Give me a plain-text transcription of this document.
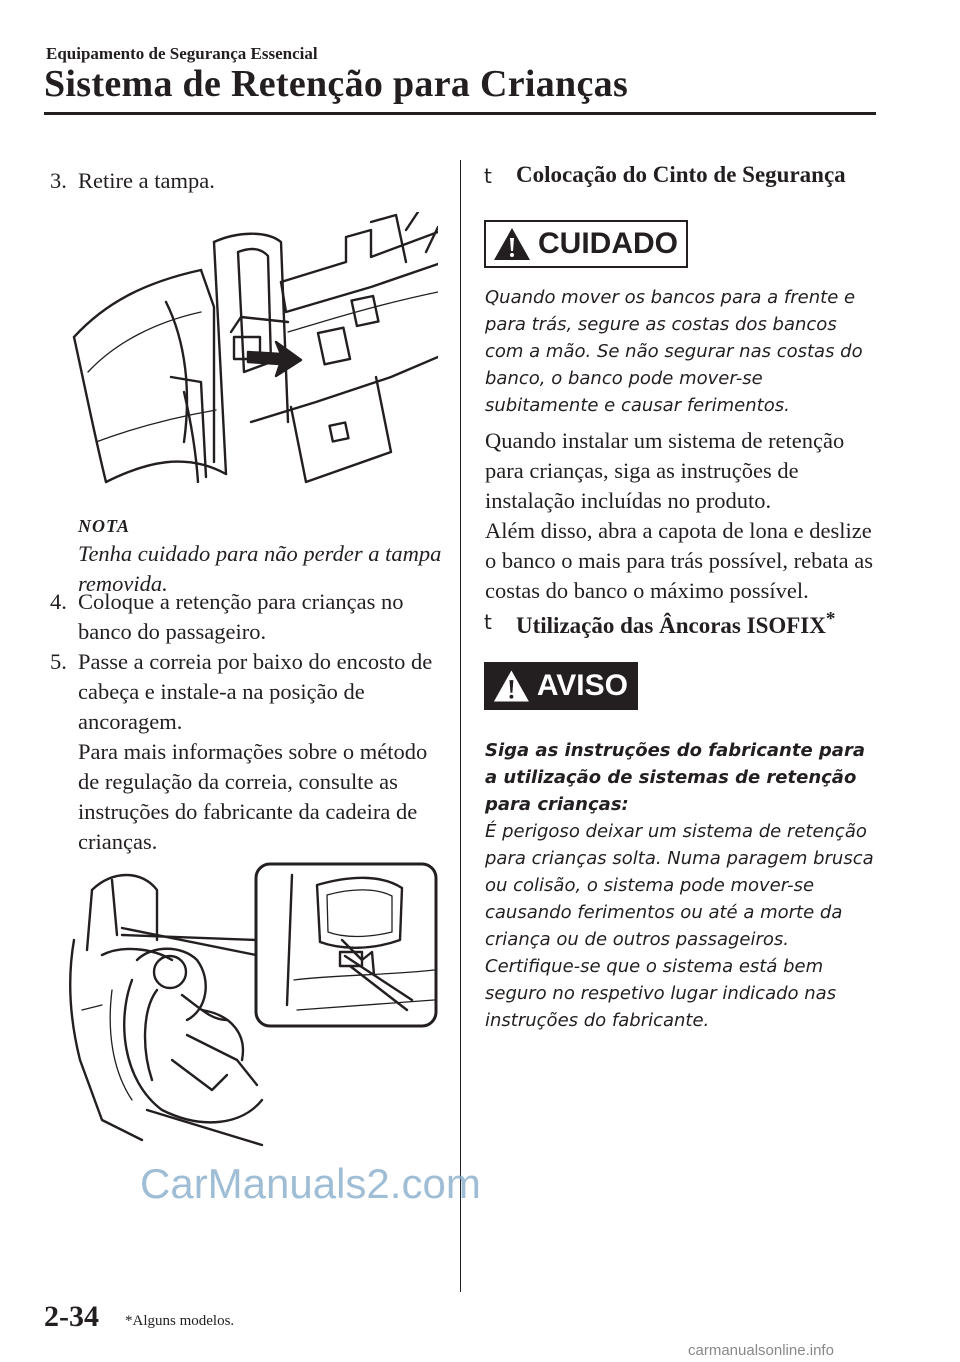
Equipamento de Segurança Essencial
Sistema de Retenção para Crianças
3. Retire a tampa.
NOTA
Tenha cuidado para não perder a tampa removida.
4. Coloque a retenção para crianças no banco do passageiro.
5. Passe a correia por baixo do encosto de cabeça e instale-a na posição de ancoragem.
Para mais informações sobre o método de regulação da correia, consulte as instruções do fabricante da cadeira de crianças.
t Colocação do Cinto de Segurança
CUIDADO
Quando mover os bancos para a frente e para trás, segure as costas dos bancos com a mão. Se não segurar nas costas do banco, o banco pode mover-se subitamente e causar ferimentos.
Quando instalar um sistema de retenção para crianças, siga as instruções de instalação incluídas no produto.
Além disso, abra a capota de lona e deslize o banco o mais para trás possível, rebata as costas do banco o máximo possível.
t Utilização das Âncoras ISOFIX*
AVISO
Siga as instruções do fabricante para a utilização de sistemas de retenção para crianças:
É perigoso deixar um sistema de retenção para crianças solta. Numa paragem brusca ou colisão, o sistema pode mover-se causando ferimentos ou até a morte da criança ou de outros passageiros. Certifique-se que o sistema está bem seguro no respetivo lugar indicado nas instruções do fabricante.
CarManuals2.com
2-34 *Alguns modelos.
carmanualsonline.info
